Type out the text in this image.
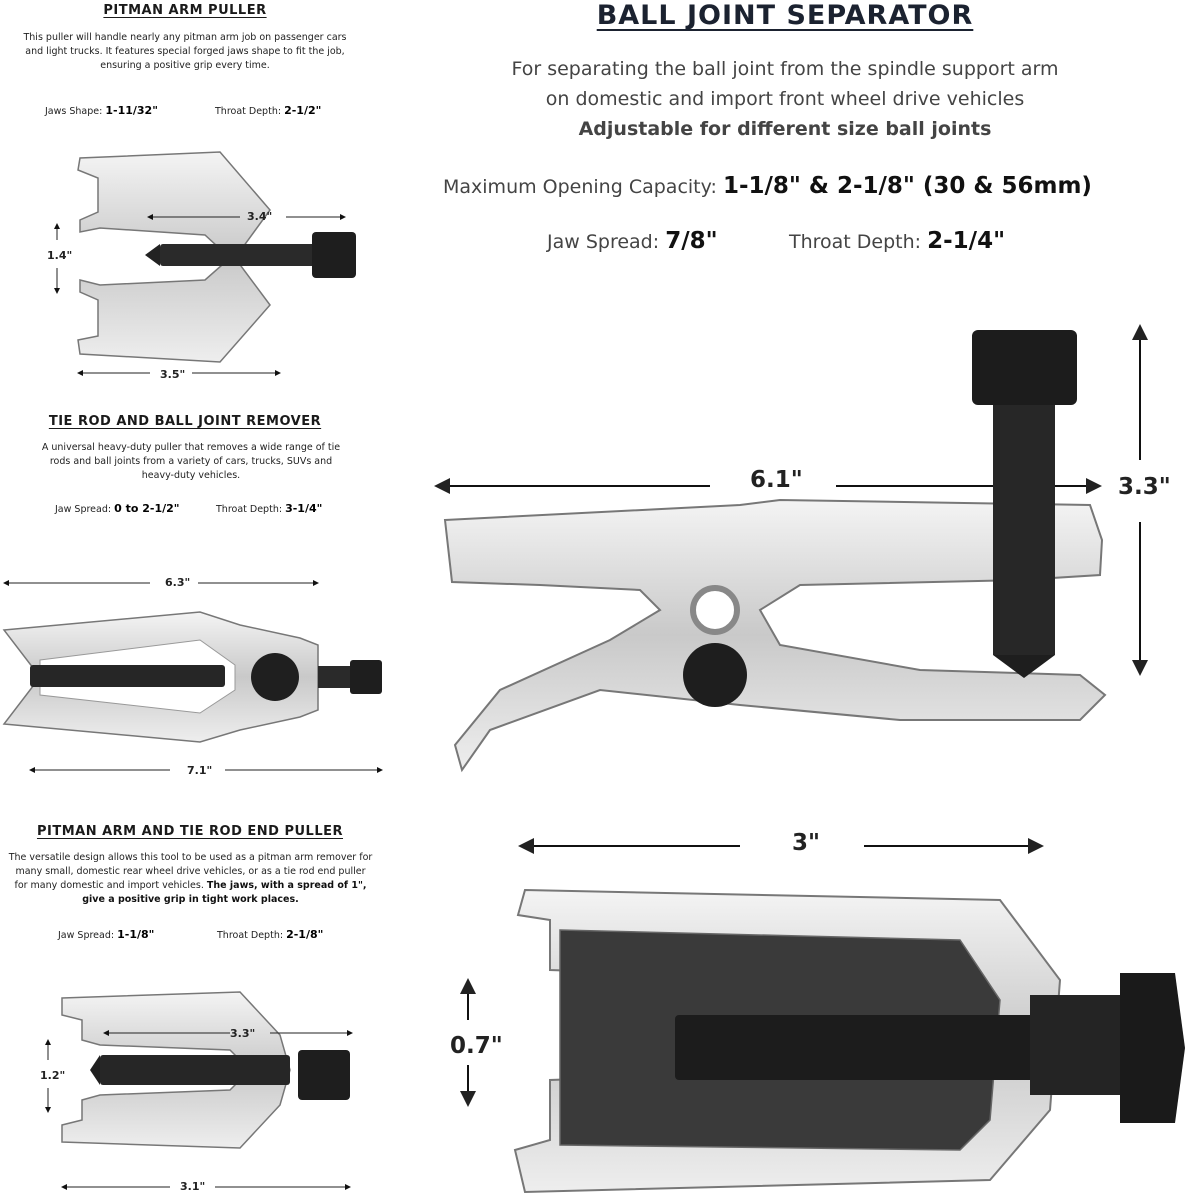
PITMAN ARM PULLER
This puller will handle nearly any pitman arm job on passenger cars and light trucks. It features special forged jaws shape to fit the job, ensuring a positive grip every time.
Jaws Shape: 1-11/32"	Throat Depth: 2-1/2"
3.4"
1.4"
3.5"
TIE ROD AND BALL JOINT REMOVER
A universal heavy-duty puller that removes a wide range of tie rods and ball joints from a variety of cars, trucks, SUVs and heavy-duty vehicles.
Jaw Spread: 0 to 2-1/2"	Throat Depth: 3-1/4"
6.3"
7.1"
PITMAN ARM AND TIE ROD END PULLER
The versatile design allows this tool to be used as a pitman arm remover for many small, domestic rear wheel drive vehicles, or as a tie rod end puller for many domestic and import vehicles. The jaws, with a spread of 1", give a positive grip in tight work places.
Jaw Spread: 1-1/8"	Throat Depth: 2-1/8"
3.3"
1.2"
3.1"
BALL JOINT SEPARATOR
For separating the ball joint from the spindle support arm
on domestic and import front wheel drive vehicles
Adjustable for different size ball joints
Maximum Opening Capacity: 1-1/8" & 2-1/8" (30 & 56mm)
Jaw Spread: 7/8"	Throat Depth: 2-1/4"
6.1"	3.3"
3"
0.7"
